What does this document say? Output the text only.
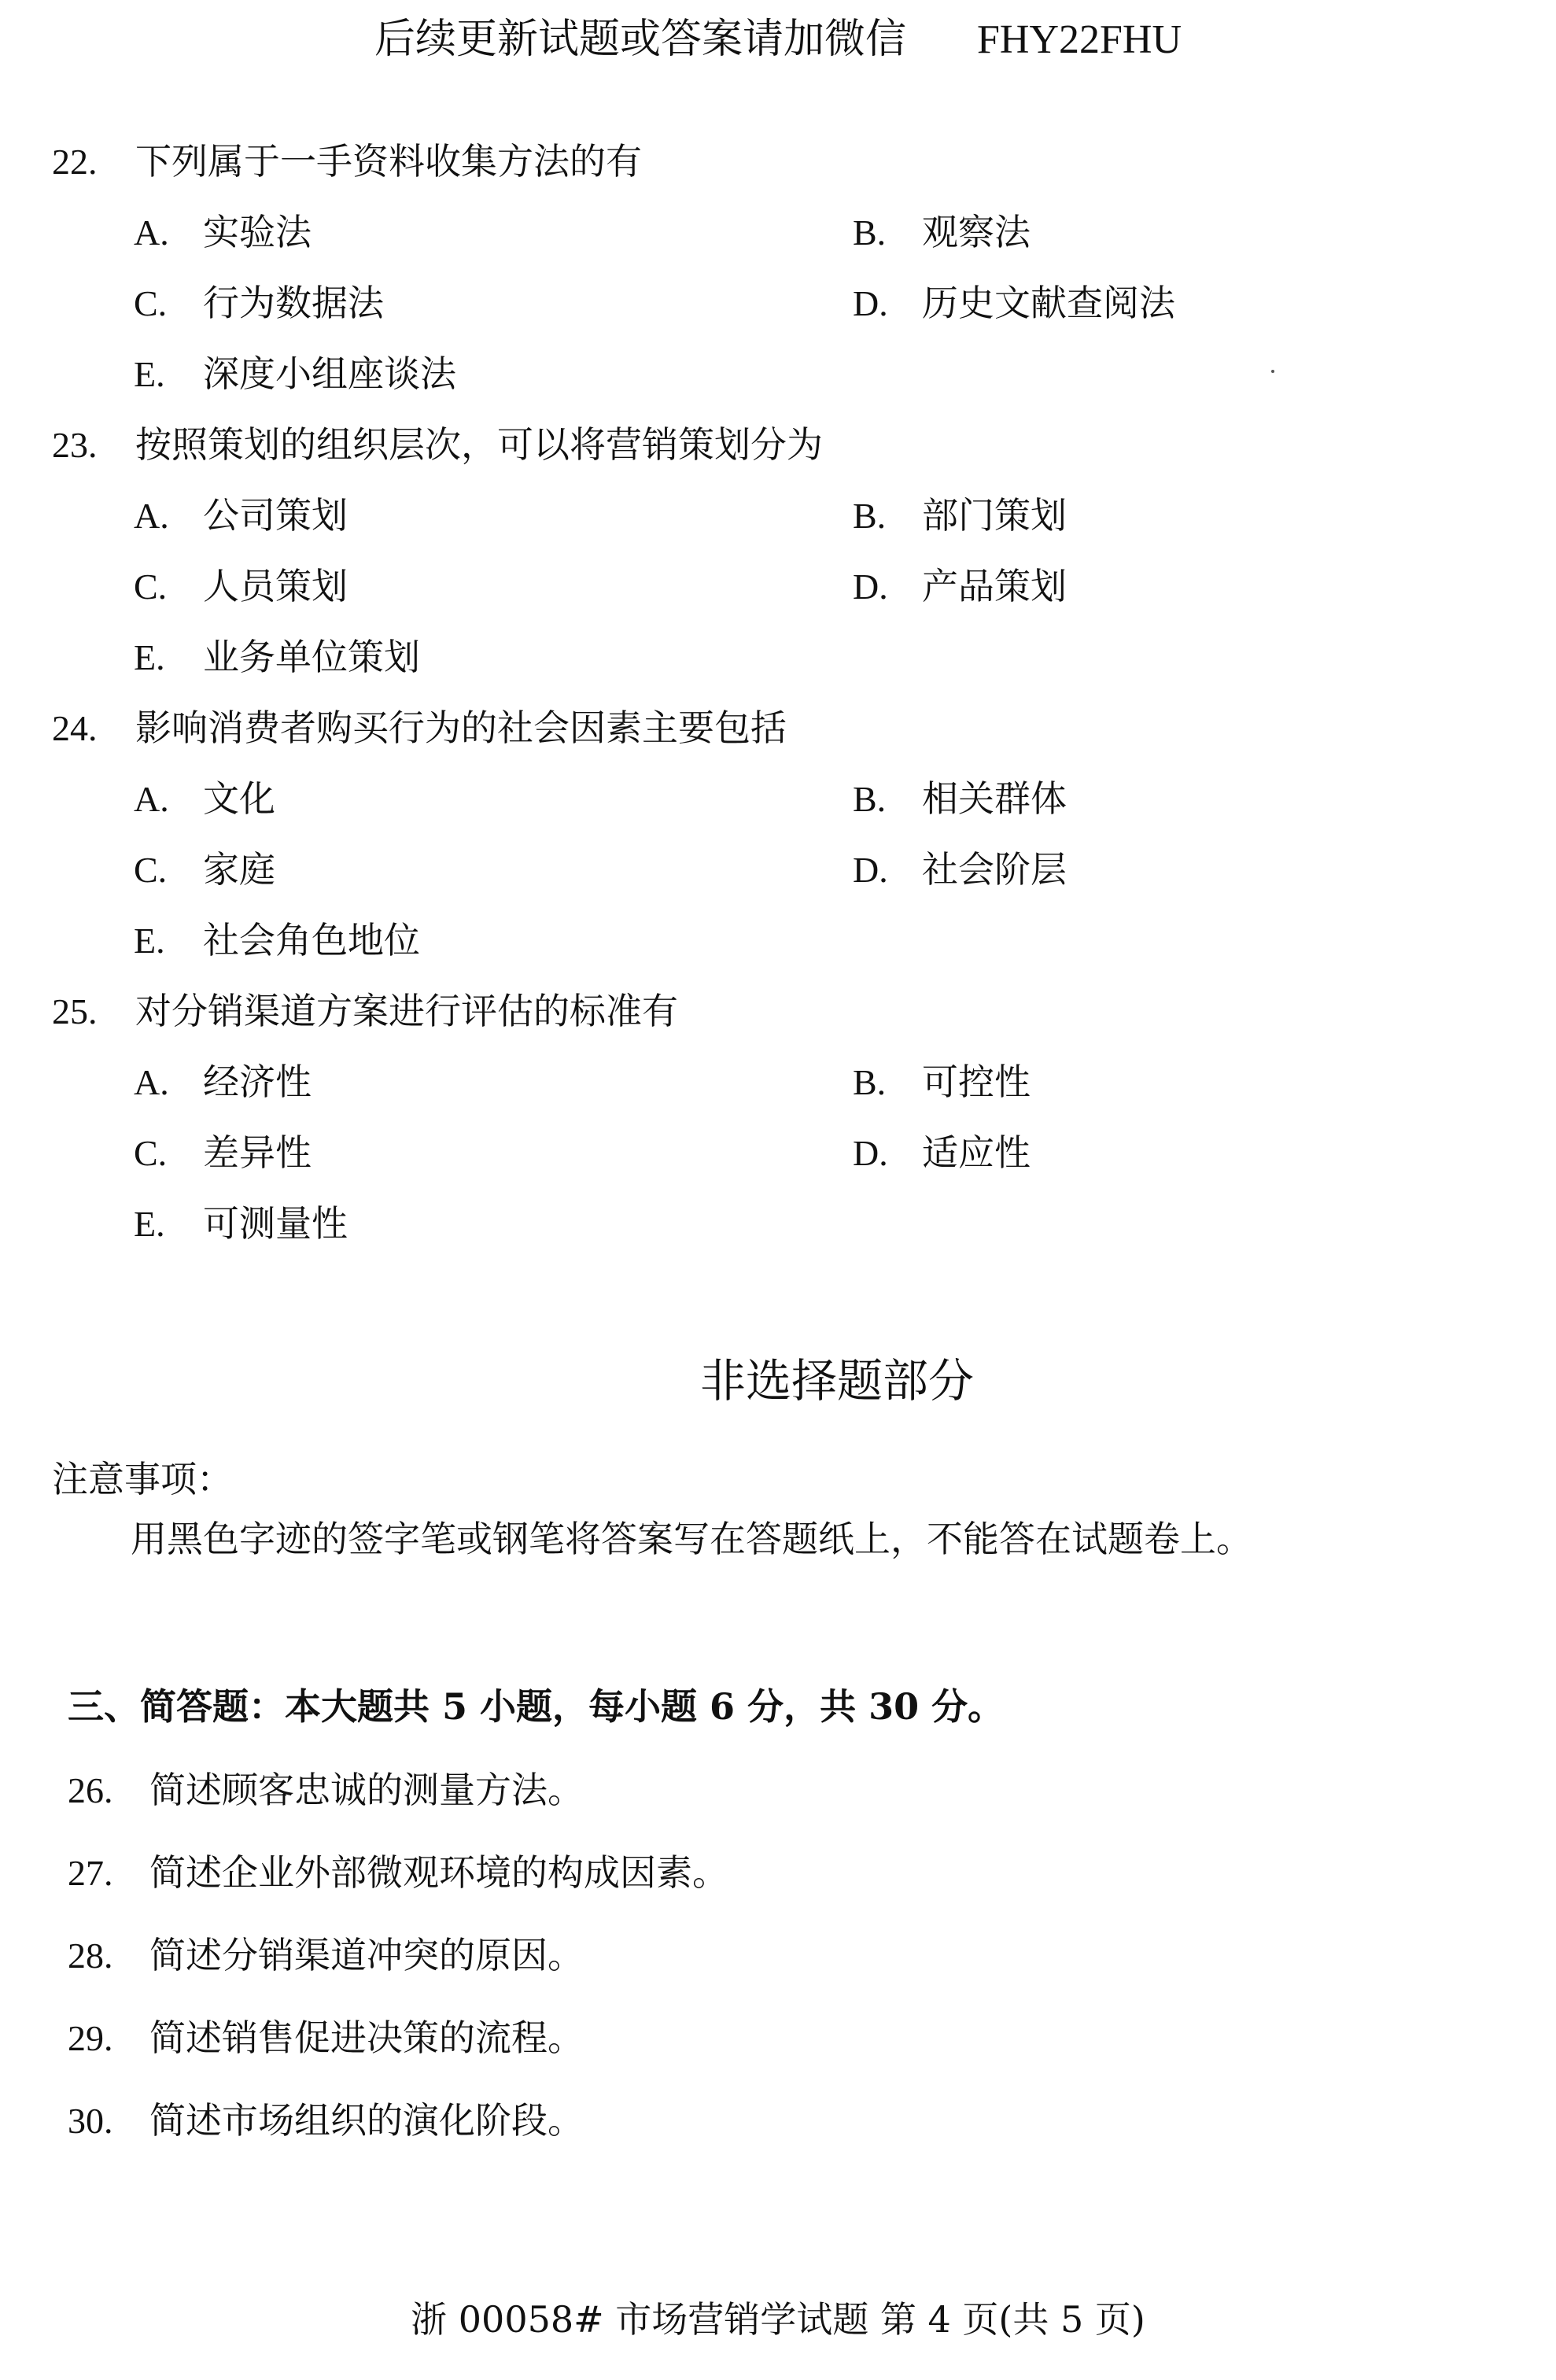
后续更新试题或答案请加微信 FHY22FHU
22. 下列属于一手资料收集方法的有
A. 实验法	B. 观察法
C. 行为数据法	D. 历史文献查阅法
E. 深度小组座谈法
23. 按照策划的组织层次，可以将营销策划分为
A. 公司策划	B. 部门策划
C. 人员策划	D. 产品策划
E. 业务单位策划
24. 影响消费者购买行为的社会因素主要包括
A. 文化	B. 相关群体
C. 家庭	D. 社会阶层
E. 社会角色地位
25. 对分销渠道方案进行评估的标准有
A. 经济性	B. 可控性
C. 差异性	D. 适应性
E. 可测量性
非选择题部分
注意事项：
用黑色字迹的签字笔或钢笔将答案写在答题纸上，不能答在试题卷上。
三、简答题：本大题共 5 小题，每小题 6 分，共 30 分。
26. 简述顾客忠诚的测量方法。
27. 简述企业外部微观环境的构成因素。
28. 简述分销渠道冲突的原因。
29. 简述销售促进决策的流程。
30. 简述市场组织的演化阶段。
浙 00058# 市场营销学试题 第 4 页(共 5 页)
